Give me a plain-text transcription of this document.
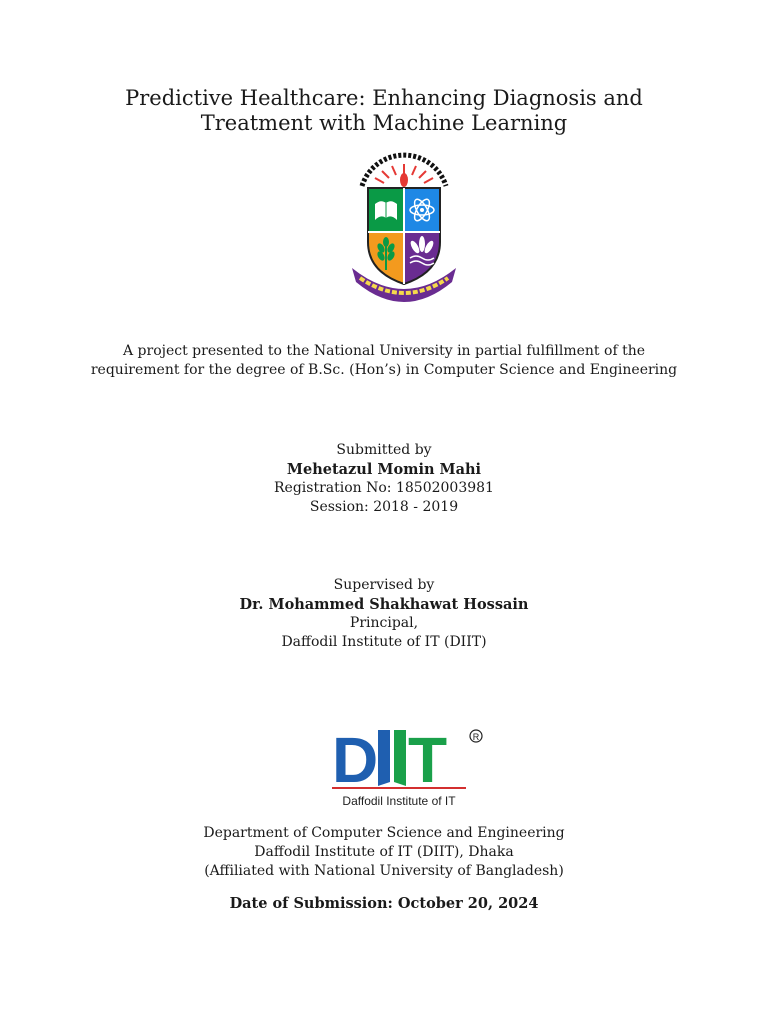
Predictive Healthcare: Enhancing Diagnosis and
Treatment with Machine Learning
A project presented to the National University in partial fulfillment of the
requirement for the degree of B.Sc. (Hon’s) in Computer Science and Engineering
Submitted by
Mehetazul Momin Mahi
Registration No: 18502003981
Session: 2018 - 2019
Supervised by
Dr. Mohammed Shakhawat Hossain
Principal,
Daffodil Institute of IT (DIIT)
D T	R
Daffodil Institute of IT
Department of Computer Science and Engineering
Daffodil Institute of IT (DIIT), Dhaka
(Affiliated with National University of Bangladesh)
Date of Submission: October 20, 2024
